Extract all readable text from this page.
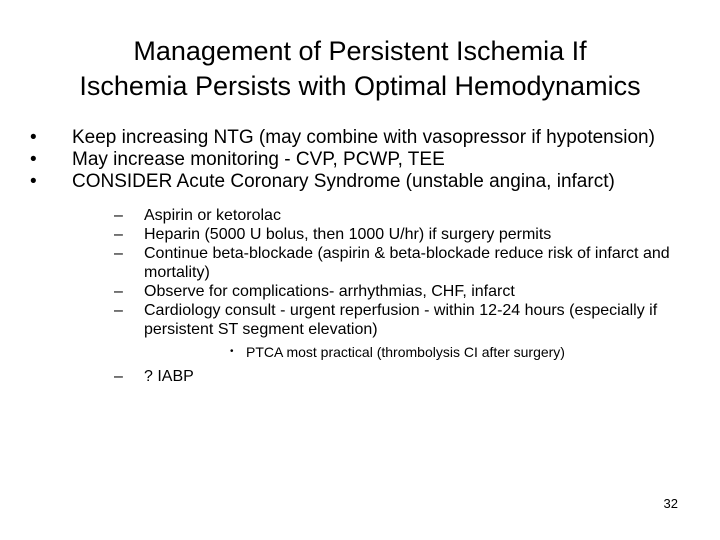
Management of Persistent Ischemia If
Ischemia Persists with Optimal Hemodynamics
•	Keep increasing NTG (may combine with vasopressor if hypotension)
•	May increase monitoring - CVP, PCWP, TEE
•	CONSIDER Acute Coronary Syndrome (unstable angina, infarct)
–	Aspirin or ketorolac
–	Heparin (5000 U bolus, then 1000 U/hr) if surgery permits
–	Continue beta-blockade (aspirin & beta-blockade reduce risk of infarct and mortality)
–	Observe for complications- arrhythmias, CHF, infarct
–	Cardiology consult - urgent reperfusion - within 12-24 hours (especially if persistent ST segment elevation)
• PTCA most practical (thrombolysis CI after surgery)
–	? IABP
32
